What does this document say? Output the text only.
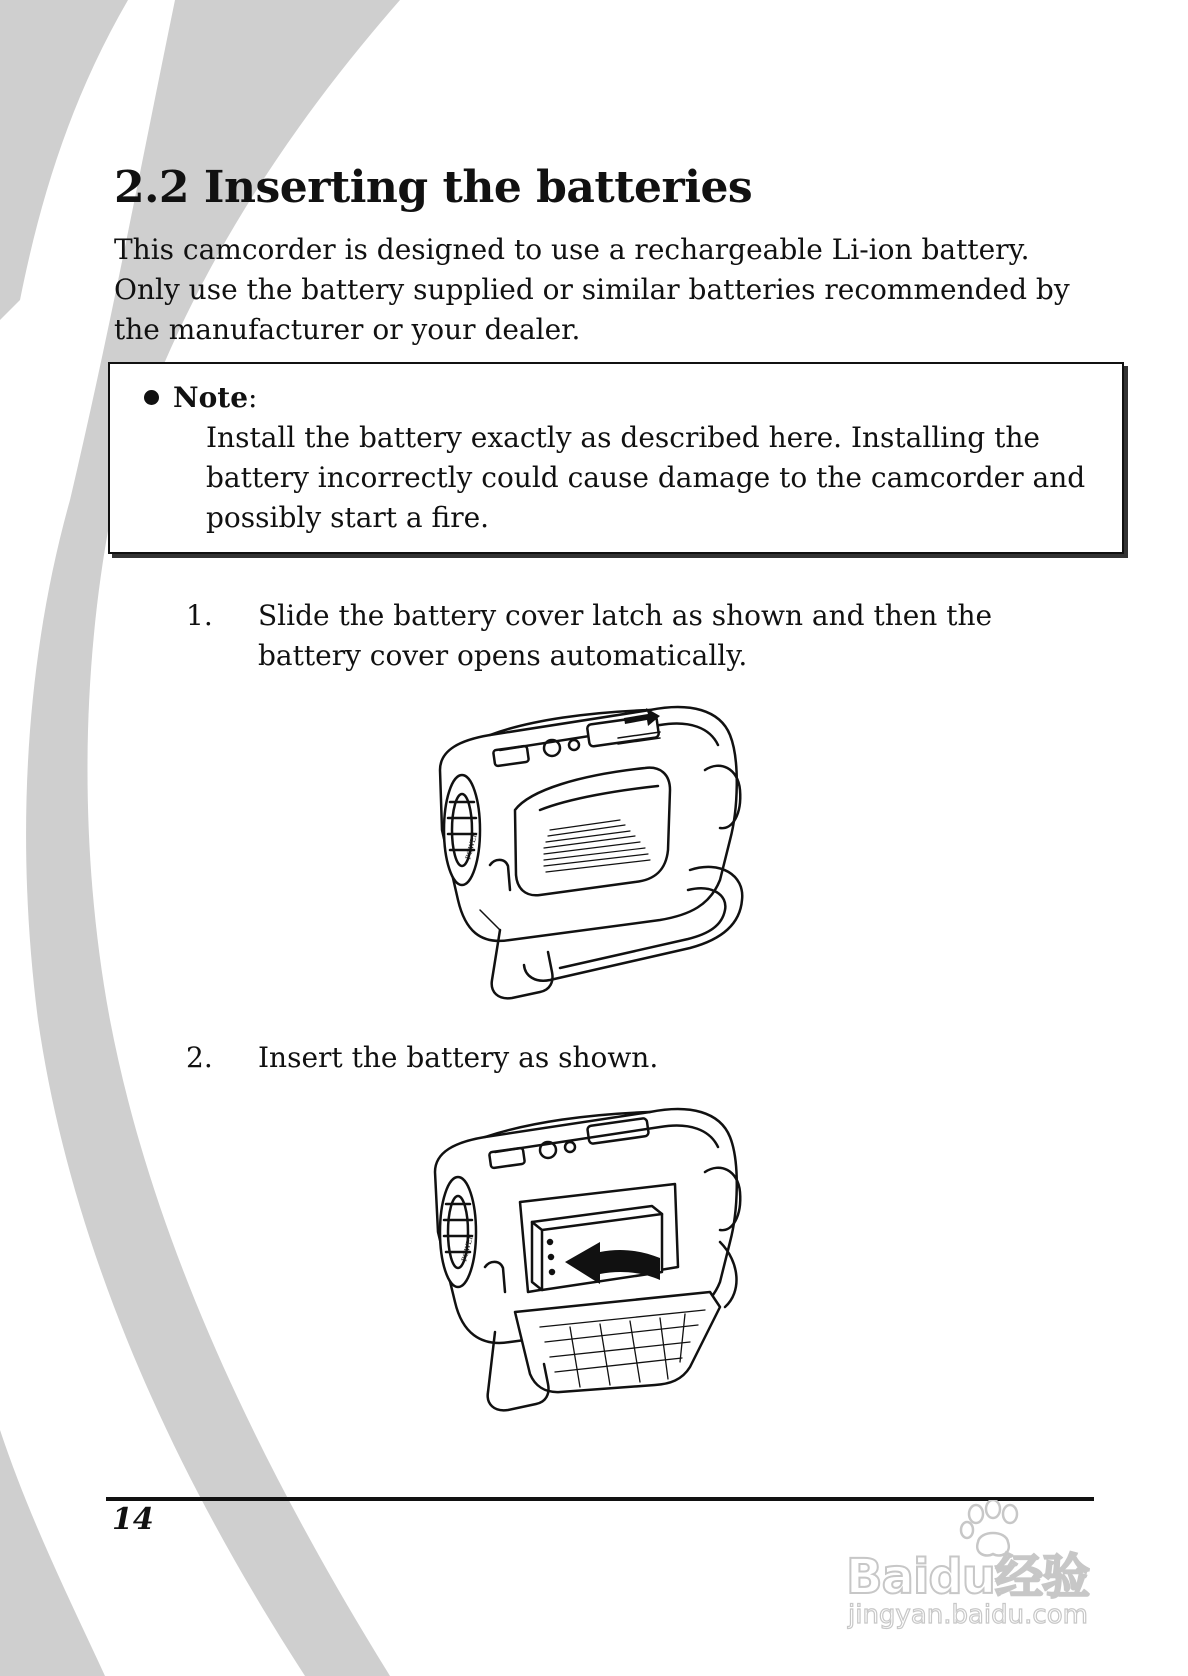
2.2 Inserting the batteries

This camcorder is designed to use a rechargeable Li-ion battery.
Only use the battery supplied or similar batteries recommended by
the manufacturer or your dealer.

Note:

Install the battery exactly as described here. Installing the
battery incorrectly could cause damage to the camcorder and
possibly start a fire.

1. Slide the battery cover latch as shown and then the
battery cover opens automatically.
POWER
2. Insert the battery as shown.
POWER
14
Baidu经验
jingyan.baidu.com
